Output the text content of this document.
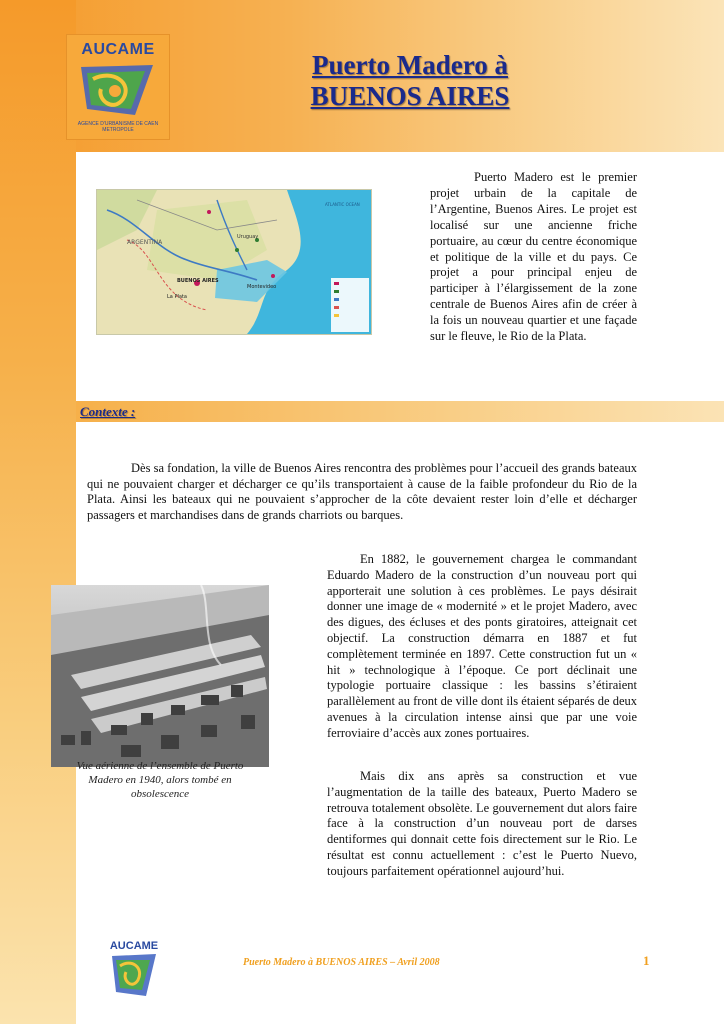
AUCAME
AGENCE D'URBANISME DE CAEN METROPOLE
Puerto Madero à
BUENOS AIRES
ARGENTINA
Uruguay
BUENOS AIRES
La Plata
Montevideo
ATLANTIC OCEAN
Puerto Madero est le premier projet urbain de la capitale de l’Argentine, Buenos Aires. Le projet est localisé sur une ancienne friche portuaire, au cœur du centre économique et politique de la ville et du pays. Ce projet a pour principal enjeu de participer à l’élargissement de la zone centrale de Buenos Aires afin de créer à la fois un nouveau quartier et une façade sur le fleuve, le Rio de la Plata.
Contexte :
Dès sa fondation, la ville de Buenos Aires rencontra des problèmes pour l’accueil des grands bateaux qui ne pouvaient charger et décharger ce qu’ils transportaient à cause de la faible profondeur du Rio de la Plata. Ainsi les bateaux qui ne pouvaient s’approcher de la côte devaient rester loin d’elle et décharger passagers et marchandises dans de grands charriots ou barques.
Vue aérienne de l’ensemble de Puerto Madero en 1940, alors tombé en obsolescence
En 1882, le gouvernement chargea le commandant Eduardo Madero de la construction d’un nouveau port qui apporterait une solution à ces problèmes. Le pays désirait donner une image de « modernité » et le projet Madero, avec des digues, des écluses et des ponts giratoires, atteignait cet objectif. La construction démarra en 1887 et fut complètement terminée en 1897. Cette construction fut un « hit » technologique à l’époque. Ce port déclinait une typologie portuaire classique : les bassins s’étiraient parallèlement au front de ville dont ils étaient séparés de deux avenues à la circulation intense ainsi que par une voie ferroviaire d’accès aux zones portuaires.
Mais dix ans après sa construction et vue l’augmentation de la taille des bateaux, Puerto Madero se retrouva totalement obsolète. Le gouvernement dut alors faire face à la construction d’un nouveau port de darses dentiformes qui donnait cette fois directement sur le Rio. Le résultat est connu actuellement : c’est le Puerto Nuevo, toujours parfaitement opérationnel aujourd’hui.
AUCAME
Puerto Madero à BUENOS AIRES – Avril 2008	1
